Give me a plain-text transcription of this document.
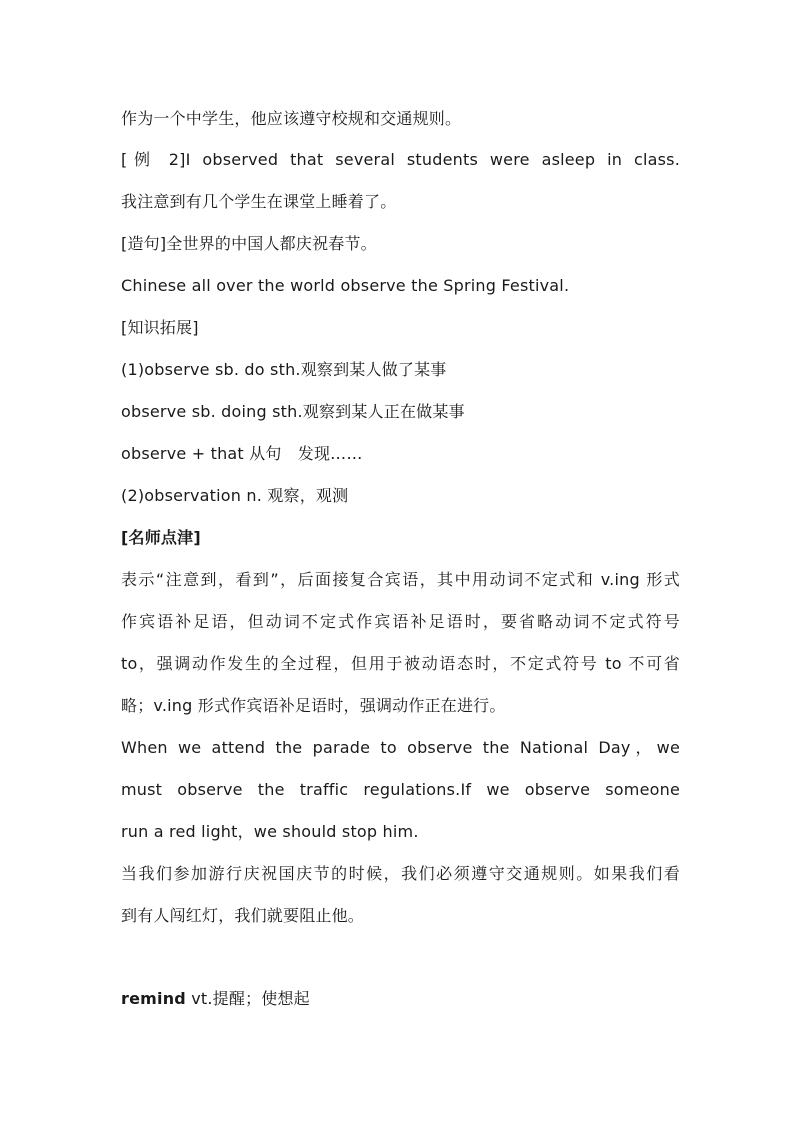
作为一个中学生，他应该遵守校规和交通规则。
[例 2]I observed that several students were asleep in class.
我注意到有几个学生在课堂上睡着了。
[造句]全世界的中国人都庆祝春节。
Chinese all over the world observe the Spring Festival.
[知识拓展]
(1)observe sb. do sth.观察到某人做了某事
observe sb. doing sth.观察到某人正在做某事
observe + that 从句　发现……
(2)observation n. 观察，观测
[名师点津]
表示“注意到，看到”，后面接复合宾语，其中用动词不定式和 v.ing 形式
作宾语补足语，但动词不定式作宾语补足语时，要省略动词不定式符号
to，强调动作发生的全过程，但用于被动语态时，不定式符号 to 不可省
略；v.ing 形式作宾语补足语时，强调动作正在进行。
When we attend the parade to observe the National Day，we
must observe the traffic regulations.If we observe someone
run a red light，we should stop him.
当我们参加游行庆祝国庆节的时候，我们必须遵守交通规则。如果我们看
到有人闯红灯，我们就要阻止他。
remind vt.提醒；使想起
